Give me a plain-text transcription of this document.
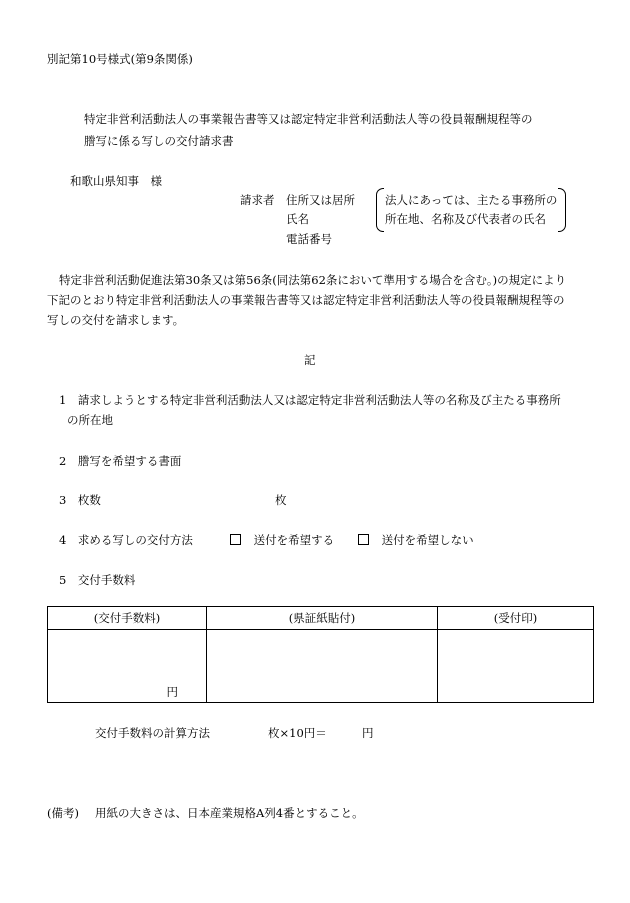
別記第10号様式(第9条関係)
特定非営利活動法人の事業報告書等又は認定特定非営利活動法人等の役員報酬規程等の
謄写に係る写しの交付請求書
和歌山県知事　様
請求者 住所又は居所
氏名
電話番号
法人にあっては、主たる事務所の
所在地、名称及び代表者の氏名
特定非営利活動促進法第30条又は第56条(同法第62条において準用する場合を含む。)の規定により
下記のとおり特定非営利活動法人の事業報告書等又は認定特定非営利活動法人等の役員報酬規程等の
写しの交付を請求します。
記
1　請求しようとする特定非営利活動法人又は認定特定非営利活動法人等の名称及び主たる事務所
の所在地
2　謄写を希望する書面
3　枚数	枚
4　求める写しの交付方法	送付を希望する	送付を希望しない
5　交付手数料
(交付手数料)	(県証紙貼付)	(受付印)
円		
交付手数料の計算方法	枚×10円＝	円
(備考) 用紙の大きさは、日本産業規格A列4番とすること。
